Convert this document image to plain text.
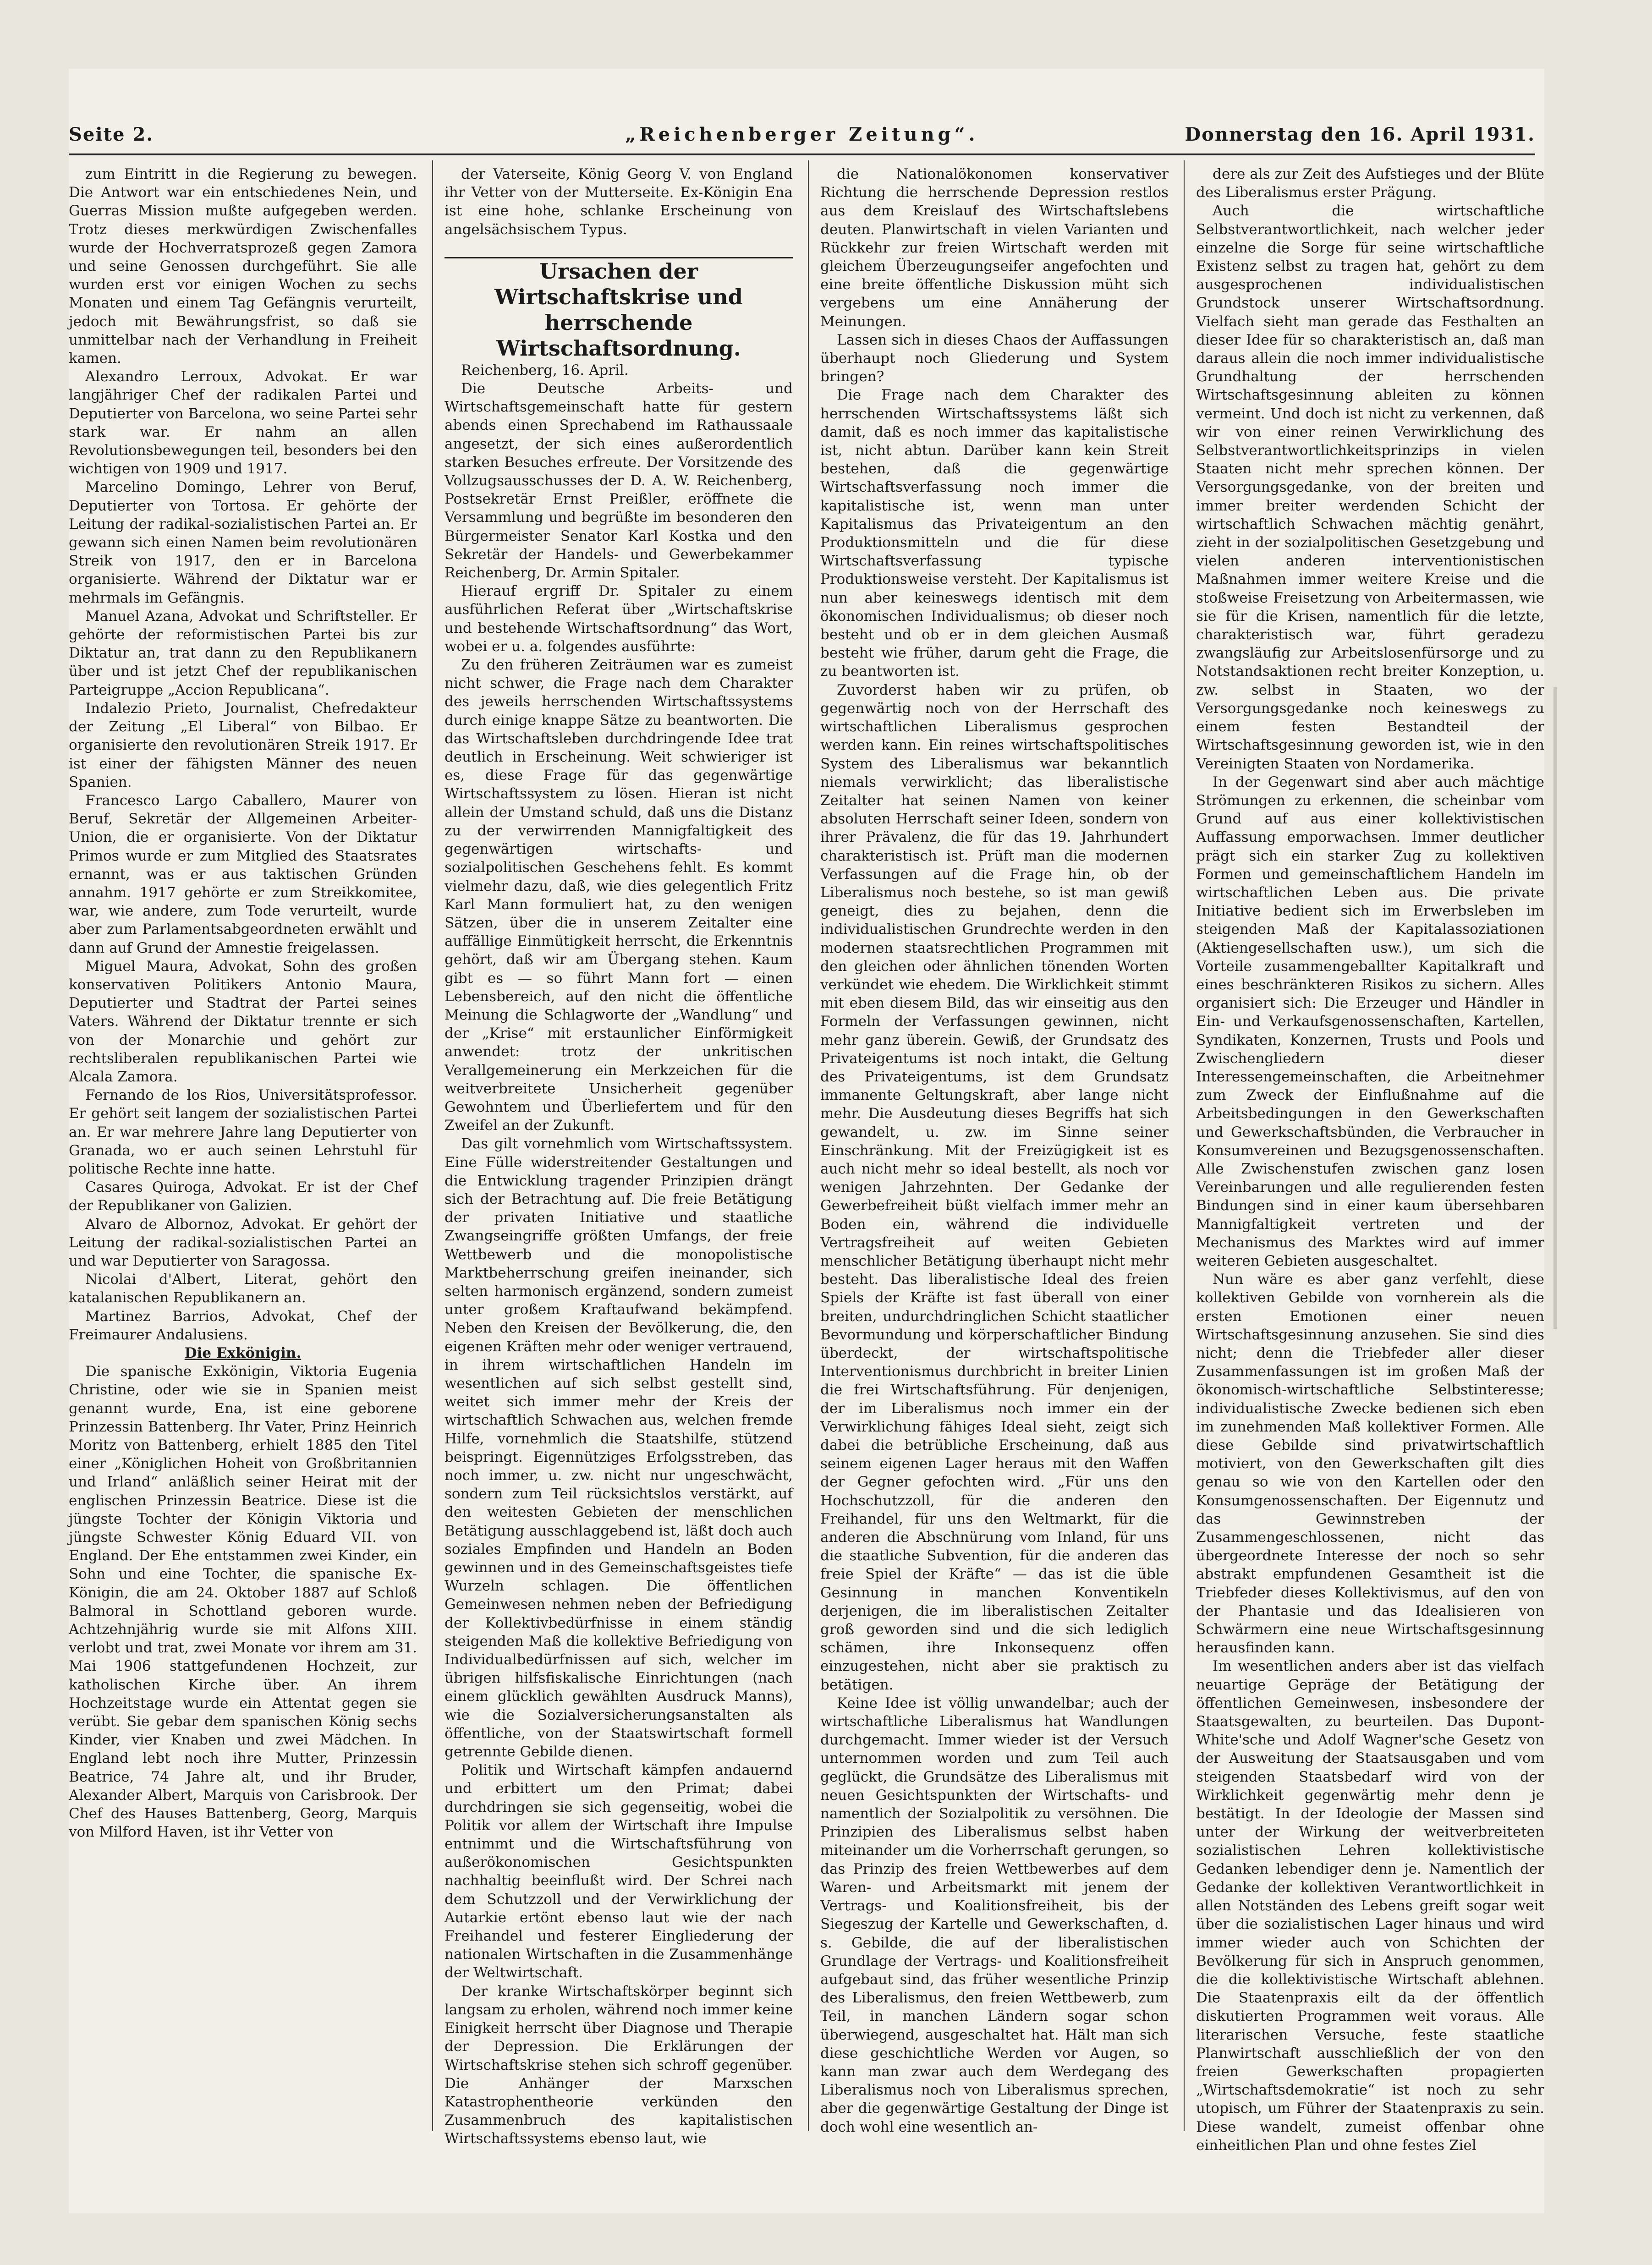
Seite 2.	„Reichenberger Zeitung“.	Donnerstag den 16. April 1931.

zum Eintritt in die Regierung zu bewegen. Die Antwort war ein entschiedenes Nein, und Guerras Mission mußte aufgegeben werden. Trotz dieses merkwürdigen Zwischenfalles wurde der Hochverratsprozeß gegen Zamora und seine Genossen durchgeführt. Sie alle wurden erst vor einigen Wochen zu sechs Monaten und einem Tag Gefängnis verurteilt, jedoch mit Bewährungsfrist, so daß sie unmittelbar nach der Verhandlung in Freiheit kamen.

Alexandro Lerroux, Advokat. Er war langjähriger Chef der radikalen Partei und Deputierter von Barcelona, wo seine Partei sehr stark war. Er nahm an allen Revolutionsbewegungen teil, besonders bei den wichtigen von 1909 und 1917.

Marcelino Domingo, Lehrer von Beruf, Deputierter von Tortosa. Er gehörte der Leitung der radikal-sozialistischen Partei an. Er gewann sich einen Namen beim revolutionären Streik von 1917, den er in Barcelona organisierte. Während der Diktatur war er mehrmals im Gefängnis.

Manuel Azana, Advokat und Schriftsteller. Er gehörte der reformistischen Partei bis zur Diktatur an, trat dann zu den Republikanern über und ist jetzt Chef der republikanischen Parteigruppe „Accion Republicana“.

Indalezio Prieto, Journalist, Chefredakteur der Zeitung „El Liberal“ von Bilbao. Er organisierte den revolutionären Streik 1917. Er ist einer der fähigsten Männer des neuen Spanien.

Francesco Largo Caballero, Maurer von Beruf, Sekretär der Allgemeinen Arbeiter-Union, die er organisierte. Von der Diktatur Primos wurde er zum Mitglied des Staatsrates ernannt, was er aus taktischen Gründen annahm. 1917 gehörte er zum Streikkomitee, war, wie andere, zum Tode verurteilt, wurde aber zum Parlamentsabgeordneten erwählt und dann auf Grund der Amnestie freigelassen.

Miguel Maura, Advokat, Sohn des großen konservativen Politikers Antonio Maura, Deputierter und Stadtrat der Partei seines Vaters. Während der Diktatur trennte er sich von der Monarchie und gehört zur rechtsliberalen republikanischen Partei wie Alcala Zamora.

Fernando de los Rios, Universitätsprofessor. Er gehört seit langem der sozialistischen Partei an. Er war mehrere Jahre lang Deputierter von Granada, wo er auch seinen Lehrstuhl für politische Rechte inne hatte.

Casares Quiroga, Advokat. Er ist der Chef der Republikaner von Galizien.

Alvaro de Albornoz, Advokat. Er gehört der Leitung der radikal-sozialistischen Partei an und war Deputierter von Saragossa.

Nicolai d'Albert, Literat, gehört den katalanischen Republikanern an.

Martinez Barrios, Advokat, Chef der Freimaurer Andalusiens.

Die Exkönigin.

Die spanische Exkönigin, Viktoria Eugenia Christine, oder wie sie in Spanien meist genannt wurde, Ena, ist eine geborene Prinzessin Battenberg. Ihr Vater, Prinz Heinrich Moritz von Battenberg, erhielt 1885 den Titel einer „Königlichen Hoheit von Großbritannien und Irland“ anläßlich seiner Heirat mit der englischen Prinzessin Beatrice. Diese ist die jüngste Tochter der Königin Viktoria und jüngste Schwester König Eduard VII. von England. Der Ehe entstammen zwei Kinder, ein Sohn und eine Tochter, die spanische Ex-Königin, die am 24. Oktober 1887 auf Schloß Balmoral in Schottland geboren wurde. Achtzehnjährig wurde sie mit Alfons XIII. verlobt und trat, zwei Monate vor ihrem am 31. Mai 1906 stattgefundenen Hochzeit, zur katholischen Kirche über. An ihrem Hochzeitstage wurde ein Attentat gegen sie verübt. Sie gebar dem spanischen König sechs Kinder, vier Knaben und zwei Mädchen. In England lebt noch ihre Mutter, Prinzessin Beatrice, 74 Jahre alt, und ihr Bruder, Alexander Albert, Marquis von Carisbrook. Der Chef des Hauses Battenberg, Georg, Marquis von Milford Haven, ist ihr Vetter von

der Vaterseite, König Georg V. von England ihr Vetter von der Mutterseite. Ex-Königin Ena ist eine hohe, schlanke Erscheinung von angelsächsischem Typus.

Ursachen der Wirtschaftskrise und herrschende Wirtschaftsordnung.

Reichenberg, 16. April.

Die Deutsche Arbeits- und Wirtschaftsgemeinschaft hatte für gestern abends einen Sprechabend im Rathaussaale angesetzt, der sich eines außerordentlich starken Besuches erfreute. Der Vorsitzende des Vollzugsausschusses der D. A. W. Reichenberg, Postsekretär Ernst Preißler, eröffnete die Versammlung und begrüßte im besonderen den Bürgermeister Senator Karl Kostka und den Sekretär der Handels- und Gewerbekammer Reichenberg, Dr. Armin Spitaler.

Hierauf ergriff Dr. Spitaler zu einem ausführlichen Referat über „Wirtschaftskrise und bestehende Wirtschaftsordnung“ das Wort, wobei er u. a. folgendes ausführte:

Zu den früheren Zeiträumen war es zumeist nicht schwer, die Frage nach dem Charakter des jeweils herrschenden Wirtschaftssystems durch einige knappe Sätze zu beantworten. Die das Wirtschaftsleben durchdringende Idee trat deutlich in Erscheinung. Weit schwieriger ist es, diese Frage für das gegenwärtige Wirtschaftssystem zu lösen. Hieran ist nicht allein der Umstand schuld, daß uns die Distanz zu der verwirrenden Mannigfaltigkeit des gegenwärtigen wirtschafts- und sozialpolitischen Geschehens fehlt. Es kommt vielmehr dazu, daß, wie dies gelegentlich Fritz Karl Mann formuliert hat, zu den wenigen Sätzen, über die in unserem Zeitalter eine auffällige Einmütigkeit herrscht, die Erkenntnis gehört, daß wir am Übergang stehen. Kaum gibt es — so führt Mann fort — einen Lebensbereich, auf den nicht die öffentliche Meinung die Schlagworte der „Wandlung“ und der „Krise“ mit erstaunlicher Einförmigkeit anwendet: trotz der unkritischen Verallgemeinerung ein Merkzeichen für die weitverbreitete Unsicherheit gegenüber Gewohntem und Überliefertem und für den Zweifel an der Zukunft.

Das gilt vornehmlich vom Wirtschaftssystem. Eine Fülle widerstreitender Gestaltungen und die Entwicklung tragender Prinzipien drängt sich der Betrachtung auf. Die freie Betätigung der privaten Initiative und staatliche Zwangseingriffe größten Umfangs, der freie Wettbewerb und die monopolistische Marktbeherrschung greifen ineinander, sich selten harmonisch ergänzend, sondern zumeist unter großem Kraftaufwand bekämpfend. Neben den Kreisen der Bevölkerung, die, den eigenen Kräften mehr oder weniger vertrauend, in ihrem wirtschaftlichen Handeln im wesentlichen auf sich selbst gestellt sind, weitet sich immer mehr der Kreis der wirtschaftlich Schwachen aus, welchen fremde Hilfe, vornehmlich die Staatshilfe, stützend beispringt. Eigennütziges Erfolgsstreben, das noch immer, u. zw. nicht nur ungeschwächt, sondern zum Teil rücksichtslos verstärkt, auf den weitesten Gebieten der menschlichen Betätigung ausschlaggebend ist, läßt doch auch soziales Empfinden und Handeln an Boden gewinnen und in des Gemeinschaftsgeistes tiefe Wurzeln schlagen. Die öffentlichen Gemeinwesen nehmen neben der Befriedigung der Kollektivbedürfnisse in einem ständig steigenden Maß die kollektive Befriedigung von Individualbedürfnissen auf sich, welcher im übrigen hilfsfiskalische Einrichtungen (nach einem glücklich gewählten Ausdruck Manns), wie die Sozialversicherungsanstalten als öffentliche, von der Staatswirtschaft formell getrennte Gebilde dienen.

Politik und Wirtschaft kämpfen andauernd und erbittert um den Primat; dabei durchdringen sie sich gegenseitig, wobei die Politik vor allem der Wirtschaft ihre Impulse entnimmt und die Wirtschaftsführung von außerökonomischen Gesichtspunkten nachhaltig beeinflußt wird. Der Schrei nach dem Schutzzoll und der Verwirklichung der Autarkie ertönt ebenso laut wie der nach Freihandel und festerer Eingliederung der nationalen Wirtschaften in die Zusammenhänge der Weltwirtschaft.

Der kranke Wirtschaftskörper beginnt sich langsam zu erholen, während noch immer keine Einigkeit herrscht über Diagnose und Therapie der Depression. Die Erklärungen der Wirtschaftskrise stehen sich schroff gegenüber. Die Anhänger der Marxschen Katastrophentheorie verkünden den Zusammenbruch des kapitalistischen Wirtschaftssystems ebenso laut, wie

die Nationalökonomen konservativer Richtung die herrschende Depression restlos aus dem Kreislauf des Wirtschaftslebens deuten. Planwirtschaft in vielen Varianten und Rückkehr zur freien Wirtschaft werden mit gleichem Überzeugungseifer angefochten und eine breite öffentliche Diskussion müht sich vergebens um eine Annäherung der Meinungen.

Lassen sich in dieses Chaos der Auffassungen überhaupt noch Gliederung und System bringen?

Die Frage nach dem Charakter des herrschenden Wirtschaftssystems läßt sich damit, daß es noch immer das kapitalistische ist, nicht abtun. Darüber kann kein Streit bestehen, daß die gegenwärtige Wirtschaftsverfassung noch immer die kapitalistische ist, wenn man unter Kapitalismus das Privateigentum an den Produktionsmitteln und die für diese Wirtschaftsverfassung typische Produktionsweise versteht. Der Kapitalismus ist nun aber keineswegs identisch mit dem ökonomischen Individualismus; ob dieser noch besteht und ob er in dem gleichen Ausmaß besteht wie früher, darum geht die Frage, die zu beantworten ist.

Zuvorderst haben wir zu prüfen, ob gegenwärtig noch von der Herrschaft des wirtschaftlichen Liberalismus gesprochen werden kann. Ein reines wirtschaftspolitisches System des Liberalismus war bekanntlich niemals verwirklicht; das liberalistische Zeitalter hat seinen Namen von keiner absoluten Herrschaft seiner Ideen, sondern von ihrer Prävalenz, die für das 19. Jahrhundert charakteristisch ist. Prüft man die modernen Verfassungen auf die Frage hin, ob der Liberalismus noch bestehe, so ist man gewiß geneigt, dies zu bejahen, denn die individualistischen Grundrechte werden in den modernen staatsrechtlichen Programmen mit den gleichen oder ähnlichen tönenden Worten verkündet wie ehedem. Die Wirklichkeit stimmt mit eben diesem Bild, das wir einseitig aus den Formeln der Verfassungen gewinnen, nicht mehr ganz überein. Gewiß, der Grundsatz des Privateigentums ist noch intakt, die Geltung des Privateigentums, ist dem Grundsatz immanente Geltungskraft, aber lange nicht mehr. Die Ausdeutung dieses Begriffs hat sich gewandelt, u. zw. im Sinne seiner Einschränkung. Mit der Freizügigkeit ist es auch nicht mehr so ideal bestellt, als noch vor wenigen Jahrzehnten. Der Gedanke der Gewerbefreiheit büßt vielfach immer mehr an Boden ein, während die individuelle Vertragsfreiheit auf weiten Gebieten menschlicher Betätigung überhaupt nicht mehr besteht. Das liberalistische Ideal des freien Spiels der Kräfte ist fast überall von einer breiten, undurchdringlichen Schicht staatlicher Bevormundung und körperschaftlicher Bindung überdeckt, der wirtschaftspolitische Interventionismus durchbricht in breiter Linien die frei Wirtschaftsführung. Für denjenigen, der im Liberalismus noch immer ein der Verwirklichung fähiges Ideal sieht, zeigt sich dabei die betrübliche Erscheinung, daß aus seinem eigenen Lager heraus mit den Waffen der Gegner gefochten wird. „Für uns den Hochschutzzoll, für die anderen den Freihandel, für uns den Weltmarkt, für die anderen die Abschnürung vom Inland, für uns die staatliche Subvention, für die anderen das freie Spiel der Kräfte“ — das ist die üble Gesinnung in manchen Konventikeln derjenigen, die im liberalistischen Zeitalter groß geworden sind und die sich lediglich schämen, ihre Inkonsequenz offen einzugestehen, nicht aber sie praktisch zu betätigen.

Keine Idee ist völlig unwandelbar; auch der wirtschaftliche Liberalismus hat Wandlungen durchgemacht. Immer wieder ist der Versuch unternommen worden und zum Teil auch geglückt, die Grundsätze des Liberalismus mit neuen Gesichtspunkten der Wirtschafts- und namentlich der Sozialpolitik zu versöhnen. Die Prinzipien des Liberalismus selbst haben miteinander um die Vorherrschaft gerungen, so das Prinzip des freien Wettbewerbes auf dem Waren- und Arbeitsmarkt mit jenem der Vertrags- und Koalitionsfreiheit, bis der Siegeszug der Kartelle und Gewerkschaften, d. s. Gebilde, die auf der liberalistischen Grundlage der Vertrags- und Koalitionsfreiheit aufgebaut sind, das früher wesentliche Prinzip des Liberalismus, den freien Wettbewerb, zum Teil, in manchen Ländern sogar schon überwiegend, ausgeschaltet hat. Hält man sich diese geschichtliche Werden vor Augen, so kann man zwar auch dem Werdegang des Liberalismus noch von Liberalismus sprechen, aber die gegenwärtige Gestaltung der Dinge ist doch wohl eine wesentlich an-

dere als zur Zeit des Aufstieges und der Blüte des Liberalismus erster Prägung.

Auch die wirtschaftliche Selbstverantwortlichkeit, nach welcher jeder einzelne die Sorge für seine wirtschaftliche Existenz selbst zu tragen hat, gehört zu dem ausgesprochenen individualistischen Grundstock unserer Wirtschaftsordnung. Vielfach sieht man gerade das Festhalten an dieser Idee für so charakteristisch an, daß man daraus allein die noch immer individualistische Grundhaltung der herrschenden Wirtschaftsgesinnung ableiten zu können vermeint. Und doch ist nicht zu verkennen, daß wir von einer reinen Verwirklichung des Selbstverantwortlichkeitsprinzips in vielen Staaten nicht mehr sprechen können. Der Versorgungsgedanke, von der breiten und immer breiter werdenden Schicht der wirtschaftlich Schwachen mächtig genährt, zieht in der sozialpolitischen Gesetzgebung und vielen anderen interventionistischen Maßnahmen immer weitere Kreise und die stoßweise Freisetzung von Arbeitermassen, wie sie für die Krisen, namentlich für die letzte, charakteristisch war, führt geradezu zwangsläufig zur Arbeitslosenfürsorge und zu Notstandsaktionen recht breiter Konzeption, u. zw. selbst in Staaten, wo der Versorgungsgedanke noch keineswegs zu einem festen Bestandteil der Wirtschaftsgesinnung geworden ist, wie in den Vereinigten Staaten von Nordamerika.

In der Gegenwart sind aber auch mächtige Strömungen zu erkennen, die scheinbar vom Grund auf aus einer kollektivistischen Auffassung emporwachsen. Immer deutlicher prägt sich ein starker Zug zu kollektiven Formen und gemeinschaftlichem Handeln im wirtschaftlichen Leben aus. Die private Initiative bedient sich im Erwerbsleben im steigenden Maß der Kapitalassoziationen (Aktiengesellschaften usw.), um sich die Vorteile zusammengeballter Kapitalkraft und eines beschränkteren Risikos zu sichern. Alles organisiert sich: Die Erzeuger und Händler in Ein- und Verkaufsgenossenschaften, Kartellen, Syndikaten, Konzernen, Trusts und Pools und Zwischengliedern dieser Interessengemeinschaften, die Arbeitnehmer zum Zweck der Einflußnahme auf die Arbeitsbedingungen in den Gewerkschaften und Gewerkschaftsbünden, die Verbraucher in Konsumvereinen und Bezugsgenossenschaften. Alle Zwischenstufen zwischen ganz losen Vereinbarungen und alle regulierenden festen Bindungen sind in einer kaum übersehbaren Mannigfaltigkeit vertreten und der Mechanismus des Marktes wird auf immer weiteren Gebieten ausgeschaltet.

Nun wäre es aber ganz verfehlt, diese kollektiven Gebilde von vornherein als die ersten Emotionen einer neuen Wirtschaftsgesinnung anzusehen. Sie sind dies nicht; denn die Triebfeder aller dieser Zusammenfassungen ist im großen Maß der ökonomisch-wirtschaftliche Selbstinteresse; individualistische Zwecke bedienen sich eben im zunehmenden Maß kollektiver Formen. Alle diese Gebilde sind privatwirtschaftlich motiviert, von den Gewerkschaften gilt dies genau so wie von den Kartellen oder den Konsumgenossenschaften. Der Eigennutz und das Gewinnstreben der Zusammengeschlossenen, nicht das übergeordnete Interesse der noch so sehr abstrakt empfundenen Gesamtheit ist die Triebfeder dieses Kollektivismus, auf den von der Phantasie und das Idealisieren von Schwärmern eine neue Wirtschaftsgesinnung herausfinden kann.

Im wesentlichen anders aber ist das vielfach neuartige Gepräge der Betätigung der öffentlichen Gemeinwesen, insbesondere der Staatsgewalten, zu beurteilen. Das Dupont-White'sche und Adolf Wagner'sche Gesetz von der Ausweitung der Staatsausgaben und vom steigenden Staatsbedarf wird von der Wirklichkeit gegenwärtig mehr denn je bestätigt. In der Ideologie der Massen sind unter der Wirkung der weitverbreiteten sozialistischen Lehren kollektivistische Gedanken lebendiger denn je. Namentlich der Gedanke der kollektiven Verantwortlichkeit in allen Notständen des Lebens greift sogar weit über die sozialistischen Lager hinaus und wird immer wieder auch von Schichten der Bevölkerung für sich in Anspruch genommen, die die kollektivistische Wirtschaft ablehnen. Die Staatenpraxis eilt da der öffentlich diskutierten Programmen weit voraus. Alle literarischen Versuche, feste staatliche Planwirtschaft ausschließlich der von den freien Gewerkschaften propagierten „Wirtschaftsdemokratie“ ist noch zu sehr utopisch, um Führer der Staatenpraxis zu sein. Diese wandelt, zumeist offenbar ohne einheitlichen Plan und ohne festes Ziel
